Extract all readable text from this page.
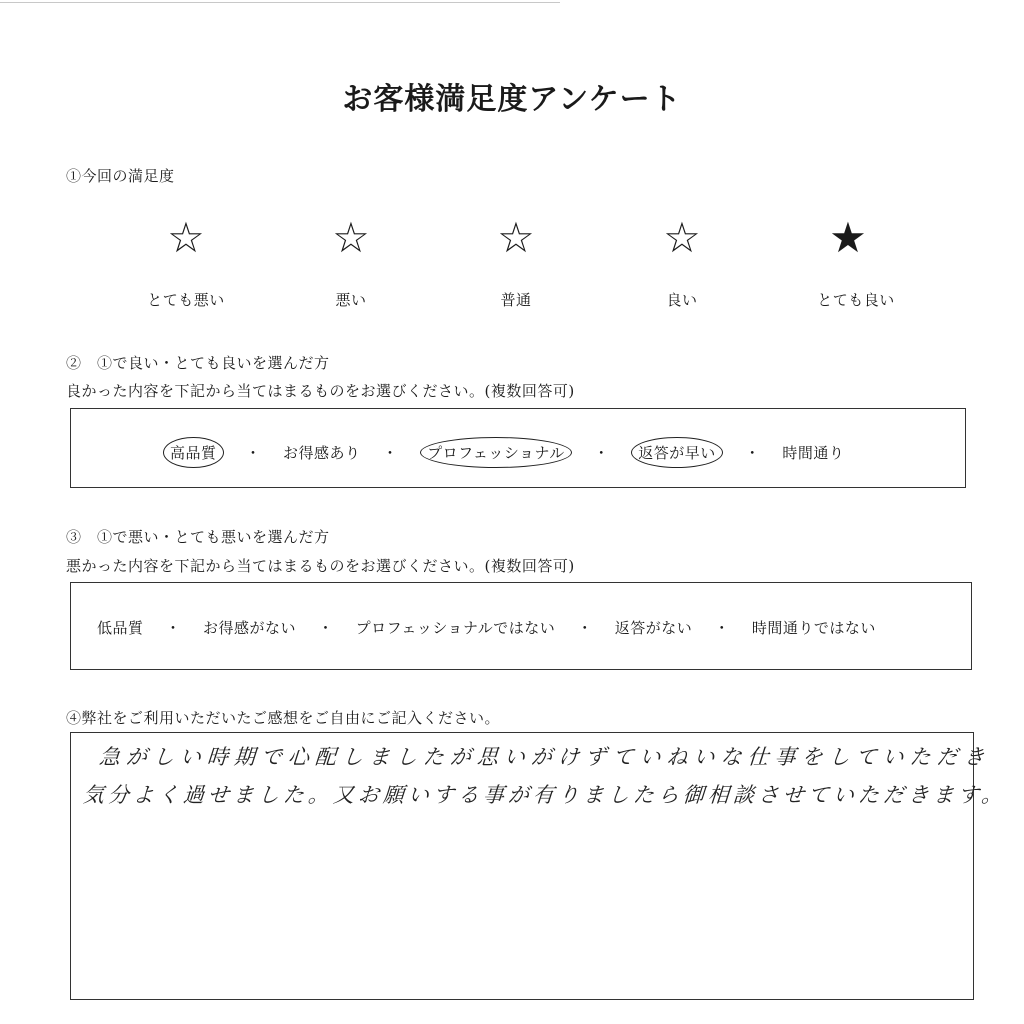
お客様満足度アンケート
①今回の満足度
☆
とても悪い
☆
悪い
☆
普通
☆
良い
★
とても良い
②　①で良い・とても良いを選んだ方
良かった内容を下記から当てはまるものをお選びください。(複数回答可)
高品質	・ お得感あり ・	プロフェッショナル	・	返答が早い	・ 時間通り
③　①で悪い・とても悪いを選んだ方
悪かった内容を下記から当てはまるものをお選びください。(複数回答可)
低品質 ・ お得感がない ・ プロフェッショナルではない ・ 返答がない ・ 時間通りではない
④弊社をご利用いただいたご感想をご自由にご記入ください。
急がしい時期で心配しましたが思いがけずていねいな仕事をしていただき
気分よく過せました。又お願いする事が有りましたら御相談させていただきます。
